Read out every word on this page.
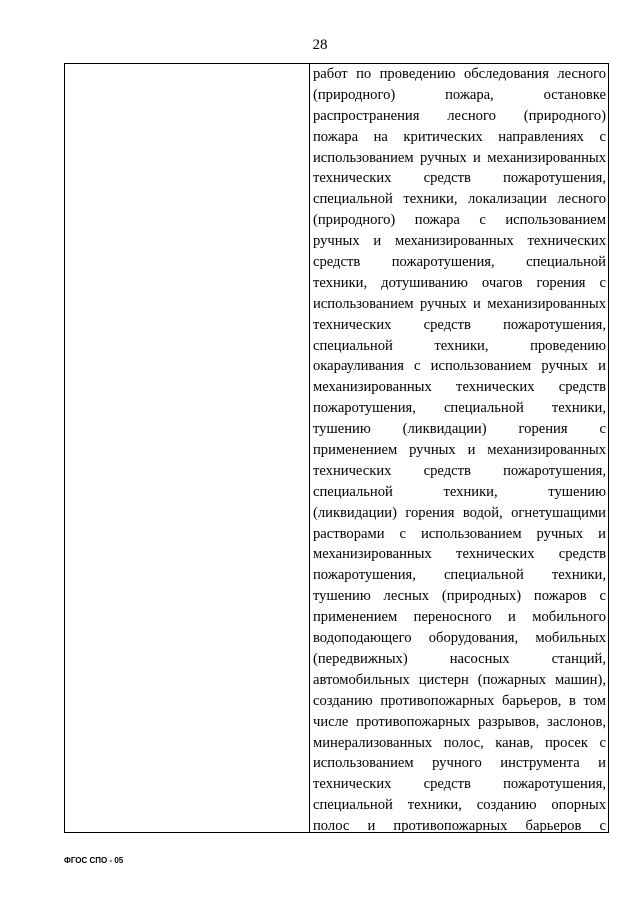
28
работ по проведению обследования лесного
(природного) пожара, остановке
распространения лесного (природного)
пожара на критических направлениях с
использованием ручных и механизированных
технических средств пожаротушения,
специальной техники, локализации лесного
(природного) пожара с использованием
ручных и механизированных технических
средств пожаротушения, специальной
техники, дотушиванию очагов горения с
использованием ручных и механизированных
технических средств пожаротушения,
специальной техники, проведению
окарауливания с использованием ручных и
механизированных технических средств
пожаротушения, специальной техники,
тушению (ликвидации) горения с
применением ручных и механизированных
технических средств пожаротушения,
специальной техники, тушению
(ликвидации) горения водой, огнетушащими
растворами с использованием ручных и
механизированных технических средств
пожаротушения, специальной техники,
тушению лесных (природных) пожаров с
применением переносного и мобильного
водоподающего оборудования, мобильных
(передвижных) насосных станций,
автомобильных цистерн (пожарных машин),
созданию противопожарных барьеров, в том
числе противопожарных разрывов, заслонов,
минерализованных полос, канав, просек с
использованием ручного инструмента и
технических средств пожаротушения,
специальной техники, созданию опорных
полос и противопожарных барьеров с
ФГОС СПО - 05
